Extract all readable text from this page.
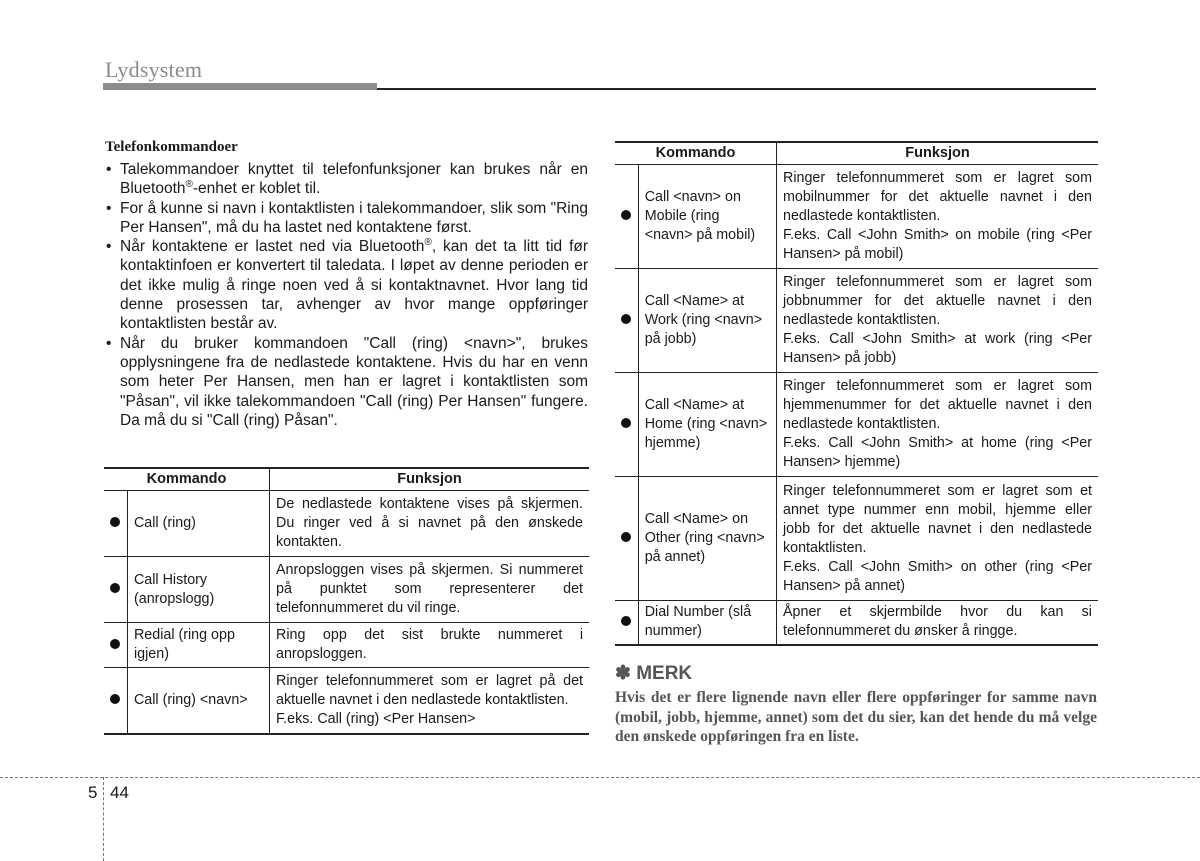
Lydsystem
Telefonkommandoer
• Talekommandoer knyttet til telefonfunksjoner kan brukes når en Bluetooth®-enhet er koblet til.
• For å kunne si navn i kontaktlisten i talekommandoer, slik som "Ring Per Hansen", må du ha lastet ned kontaktene først.
• Når kontaktene er lastet ned via Bluetooth®, kan det ta litt tid før kontaktinfoen er konvertert til taledata. I løpet av denne perioden er det ikke mulig å ringe noen ved å si kontaktnavnet. Hvor lang tid denne prosessen tar, avhenger av hvor mange oppføringer kontaktlisten består av.
• Når du bruker kommandoen "Call (ring) <navn>", brukes opplysningene fra de nedlastede kontaktene. Hvis du har en venn som heter Per Hansen, men han er lagret i kontaktlisten som "Påsan", vil ikke talekommandoen "Call (ring) Per Hansen" fungere. Da må du si "Call (ring) Påsan".
Kommando		Funksjon
	Call (ring)	De nedlastede kontaktene vises på skjermen. Du ringer ved å si navnet på den ønskede kontakten.

	Call History (anropslogg)	Anropsloggen vises på skjermen. Si nummeret på punktet som representerer det telefonnummeret du vil ringe.

	Redial (ring opp igjen)	Ring opp det sist brukte nummeret i anropsloggen.

	Call (ring) <navn>	Ringer telefonnummeret som er lagret på det aktuelle navnet i den nedlastede kontaktlisten.
F.eks. Call (ring) <Per Hansen>
Kommando		Funksjon
	Call <navn> on Mobile (ring <navn> på mobil)	Ringer telefonnummeret som er lagret som mobilnummer for det aktuelle navnet i den nedlastede kontaktlisten.
F.eks. Call <John Smith> on mobile (ring <Per Hansen> på mobil)

	Call <Name> at Work (ring <navn> på jobb)	Ringer telefonnummeret som er lagret som jobbnummer for det aktuelle navnet i den nedlastede kontaktlisten.
F.eks. Call <John Smith> at work (ring <Per Hansen> på jobb)

	Call <Name> at Home (ring <navn> hjemme)	Ringer telefonnummeret som er lagret som hjemmenummer for det aktuelle navnet i den nedlastede kontaktlisten.
F.eks. Call <John Smith> at home (ring <Per Hansen> hjemme)

	Call <Name> on Other (ring <navn> på annet)	Ringer telefonnummeret som er lagret som et annet type nummer enn mobil, hjemme eller jobb for det aktuelle navnet i den nedlastede kontaktlisten.
F.eks. Call <John Smith> on other (ring <Per Hansen> på annet)

	Dial Number (slå nummer)	Åpner et skjermbilde hvor du kan si telefonnummeret du ønsker å ringge.
✽ MERK
Hvis det er flere lignende navn eller flere oppføringer for samme navn (mobil, jobb, hjemme, annet) som det du sier, kan det hende du må velge den ønskede oppføringen fra en liste.
5 44
